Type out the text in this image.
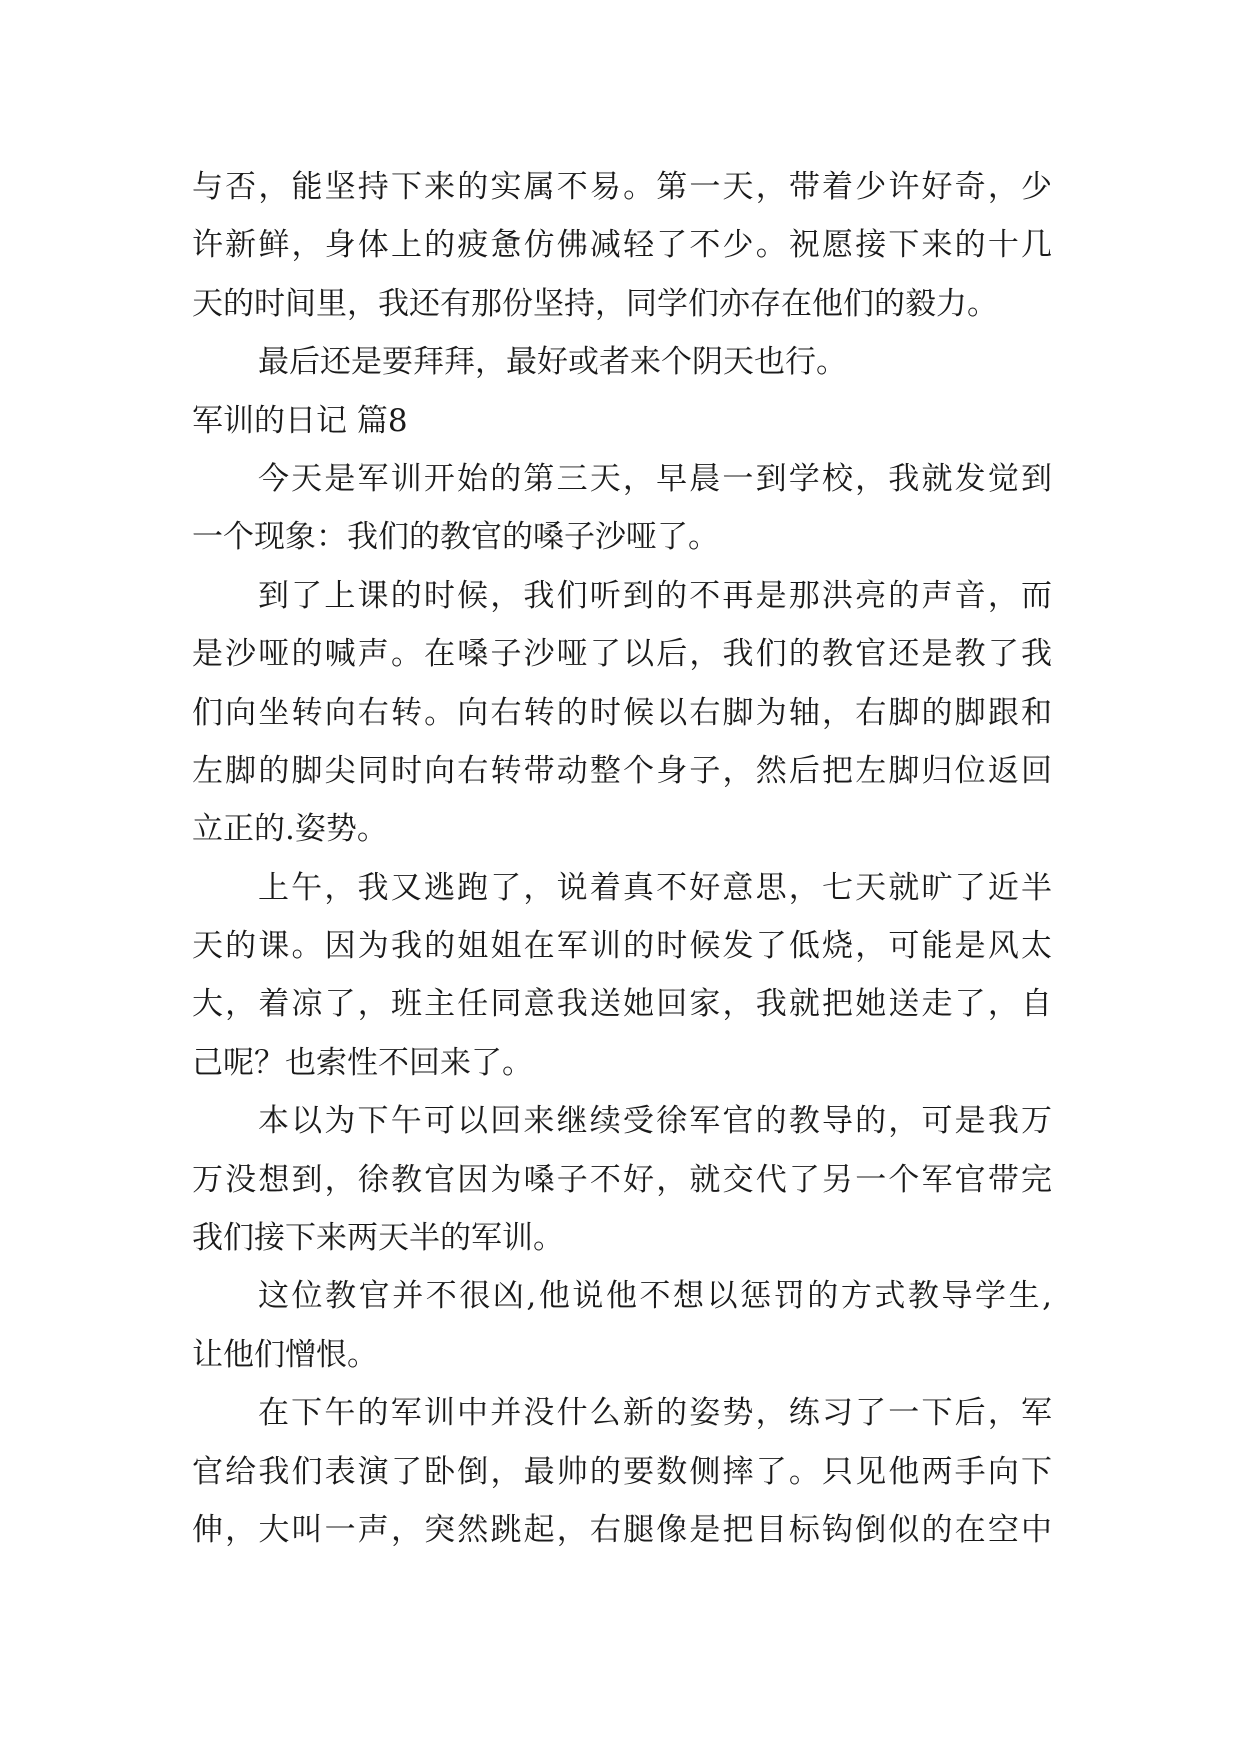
与否，能坚持下来的实属不易。第一天，带着少许好奇，少
许新鲜，身体上的疲惫仿佛减轻了不少。祝愿接下来的十几
天的时间里，我还有那份坚持，同学们亦存在他们的毅力。
最后还是要拜拜，最好或者来个阴天也行。
军训的日记 篇8
今天是军训开始的第三天，早晨一到学校，我就发觉到
一个现象：我们的教官的嗓子沙哑了。
到了上课的时候，我们听到的不再是那洪亮的声音，而
是沙哑的喊声。在嗓子沙哑了以后，我们的教官还是教了我
们向坐转向右转。向右转的时候以右脚为轴，右脚的脚跟和
左脚的脚尖同时向右转带动整个身子，然后把左脚归位返回
立正的.姿势。
上午，我又逃跑了，说着真不好意思，七天就旷了近半
天的课。因为我的姐姐在军训的时候发了低烧，可能是风太
大，着凉了，班主任同意我送她回家，我就把她送走了，自
己呢？也索性不回来了。
本以为下午可以回来继续受徐军官的教导的，可是我万
万没想到，徐教官因为嗓子不好，就交代了另一个军官带完
我们接下来两天半的军训。
这位教官并不很凶,他说他不想以惩罚的方式教导学生,
让他们憎恨。
在下午的军训中并没什么新的姿势，练习了一下后，军
官给我们表演了卧倒，最帅的要数侧摔了。只见他两手向下
伸，大叫一声，突然跳起，右腿像是把目标钩倒似的在空中
